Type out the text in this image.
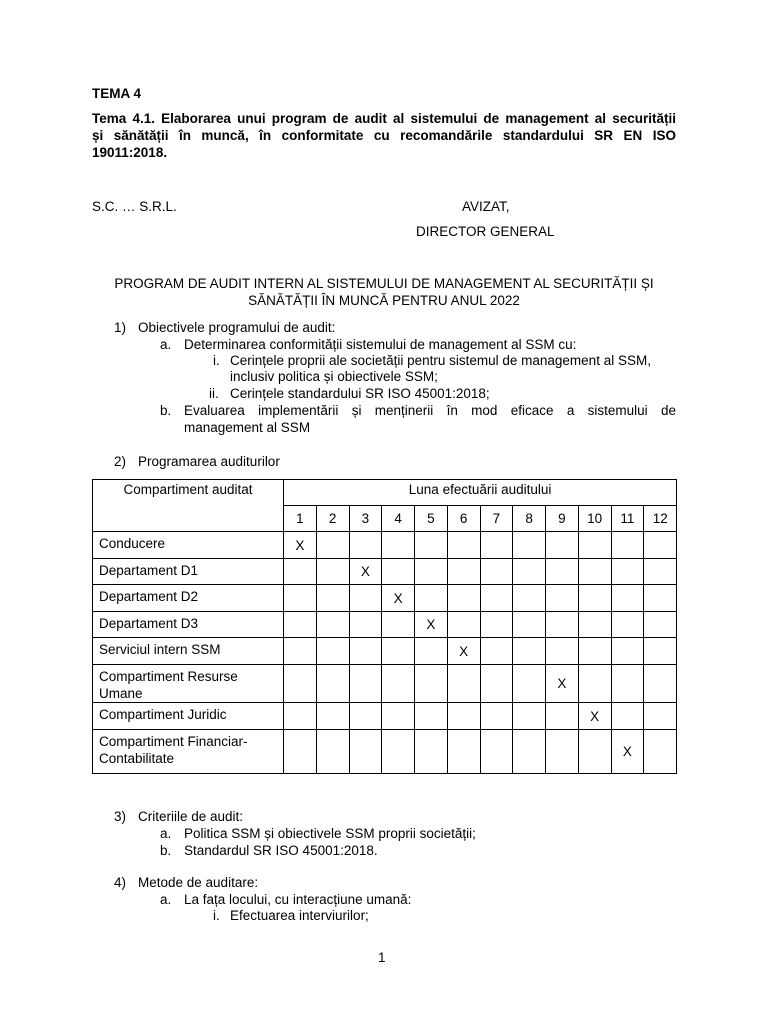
TEMA 4
Tema 4.1. Elaborarea unui program de audit al sistemului de management al securității
și sănătății în muncă, în conformitate cu recomandările standardului SR EN ISO
19011:2018.
S.C. … S.R.L.	AVIZAT,
DIRECTOR GENERAL
PROGRAM DE AUDIT INTERN AL SISTEMULUI DE MANAGEMENT AL SECURITĂȚII ȘI
SĂNĂTĂȚII ÎN MUNCĂ PENTRU ANUL 2022
1) Obiectivele programului de audit:
a. Determinarea conformității sistemului de management al SSM cu:
i. Cerințele proprii ale societății pentru sistemul de management al SSM,
inclusiv politica și obiectivele SSM;
ii. Cerințele standardului SR ISO 45001:2018;
b. Evaluarea implementării și menținerii în mod eficace a sistemului de
management al SSM
2) Programarea auditurilor
Compartiment auditat	Luna efectuării auditului											
	1	2	3	4	5	6	7	8	9	10	11	12

Conducere	X											

Departament D1			X									

Departament D2				X								

Departament D3					X							

Serviciul intern SSM						X						

Compartiment Resurse
Umane									X			

Compartiment Juridic										X		

Compartiment Financiar-
Contabilitate											X	
3) Criteriile de audit:
a. Politica SSM și obiectivele SSM proprii societății;
b. Standardul SR ISO 45001:2018.
4) Metode de auditare:
a. La fața locului, cu interacțiune umană:
i. Efectuarea interviurilor;
1
